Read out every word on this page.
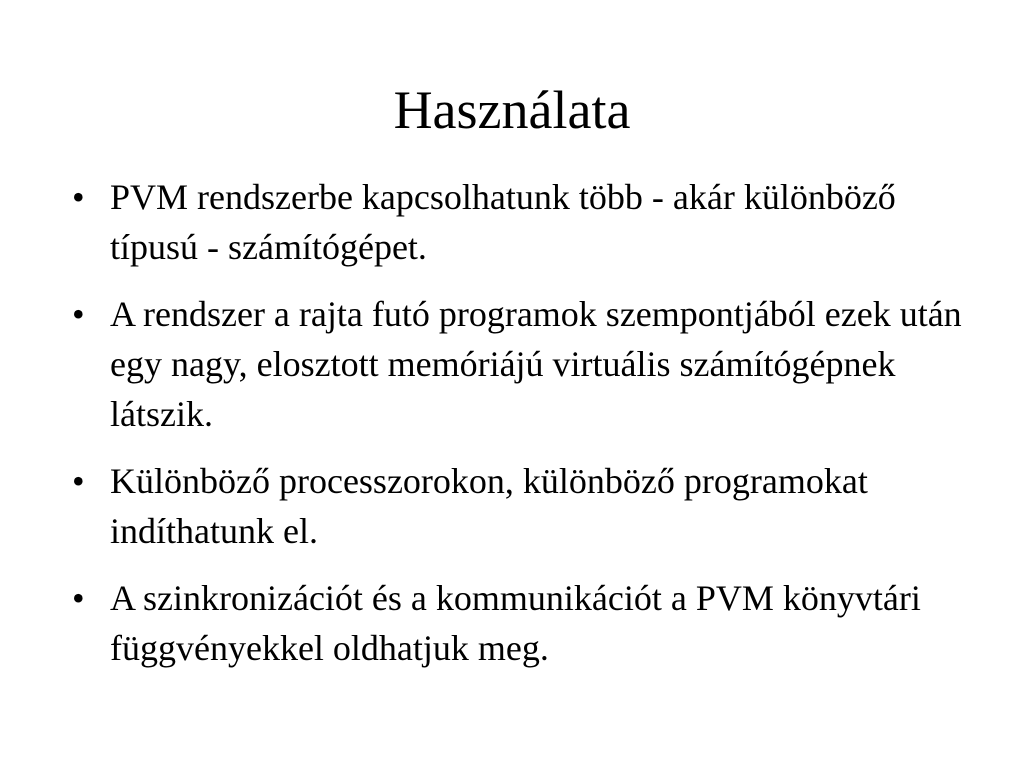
Használata
• PVM rendszerbe kapcsolhatunk több - akár különböző típusú - számítógépet.
• A rendszer a rajta futó programok szempontjából ezek után egy nagy, elosztott memóriájú virtuális számítógépnek látszik.
• Különböző processzorokon, különböző programokat indíthatunk el.
• A szinkronizációt és a kommunikációt a PVM könyvtári függvényekkel oldhatjuk meg.
